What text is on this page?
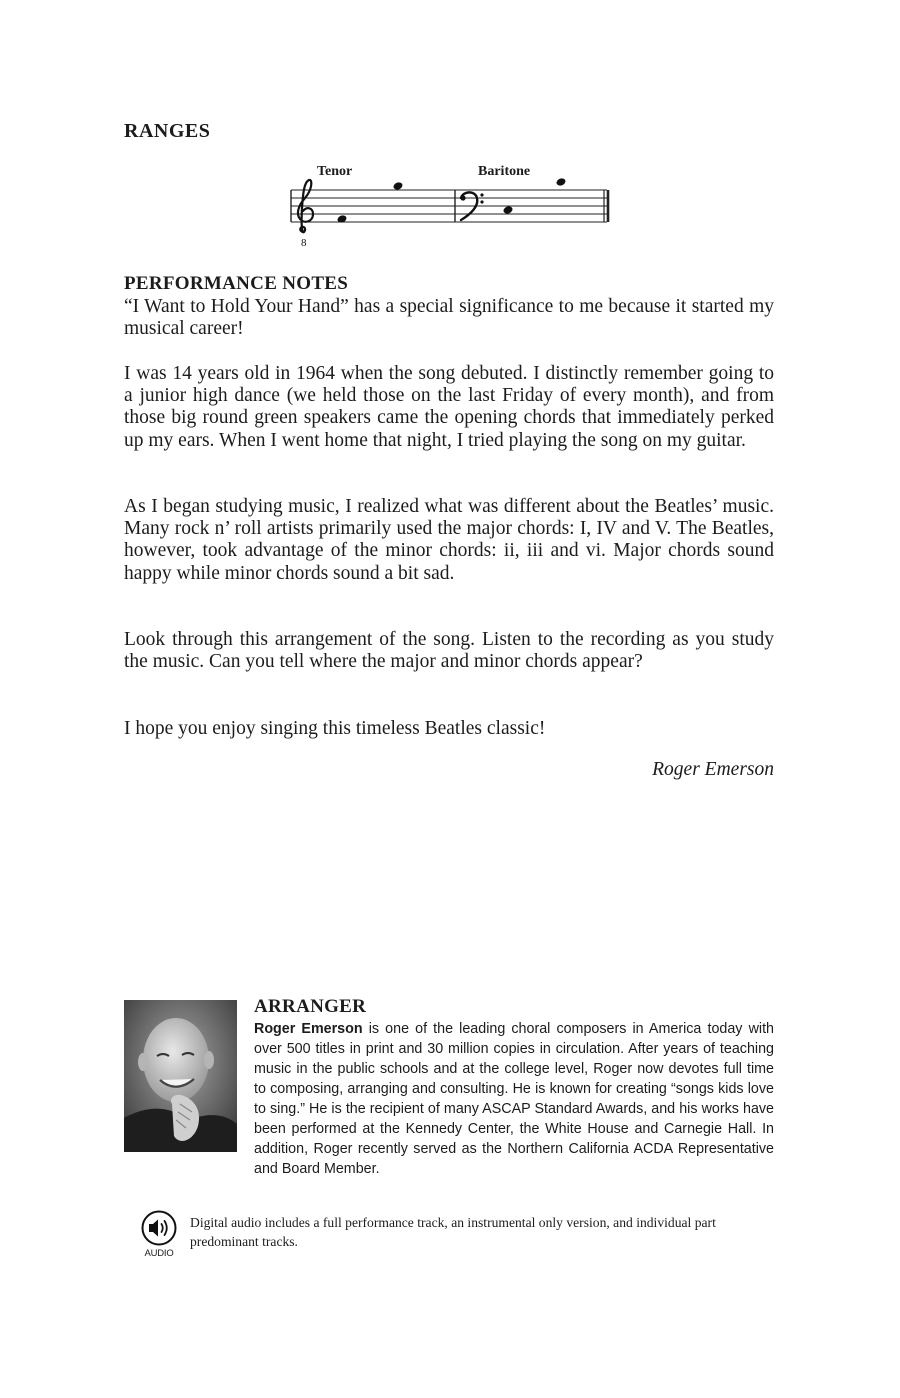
RANGES
Tenor	Baritone
8
PERFORMANCE NOTES

“I Want to Hold Your Hand” has a special significance to me because it started my musical career!

I was 14 years old in 1964 when the song debuted. I distinctly remember going to a junior high dance (we held those on the last Friday of every month), and from those big round green speakers came the opening chords that immediately perked up my ears. When I went home that night, I tried playing the song on my guitar.

As I began studying music, I realized what was different about the Beatles’ music. Many rock n’ roll artists primarily used the major chords: I, IV and V. The Beatles, however, took advantage of the minor chords: ii, iii and vi. Major chords sound happy while minor chords sound a bit sad.

Look through this arrangement of the song. Listen to the recording as you study the music. Can you tell where the major and minor chords appear?

I hope you enjoy singing this timeless Beatles classic!

Roger Emerson

ARRANGER

Roger Emerson is one of the leading choral composers in America today with over 500 titles in print and 30 million copies in circulation. After years of teaching music in the public schools and at the college level, Roger now devotes full time to composing, arranging and consulting. He is known for creating “songs kids love to sing.” He is the recipient of many ASCAP Standard Awards, and his works have been performed at the Kennedy Center, the White House and Carnegie Hall. In addition, Roger recently served as the Northern California ACDA Representative and Board Member.

AUDIO

Digital audio includes a full performance track, an instrumental only version, and individual part predominant tracks.
